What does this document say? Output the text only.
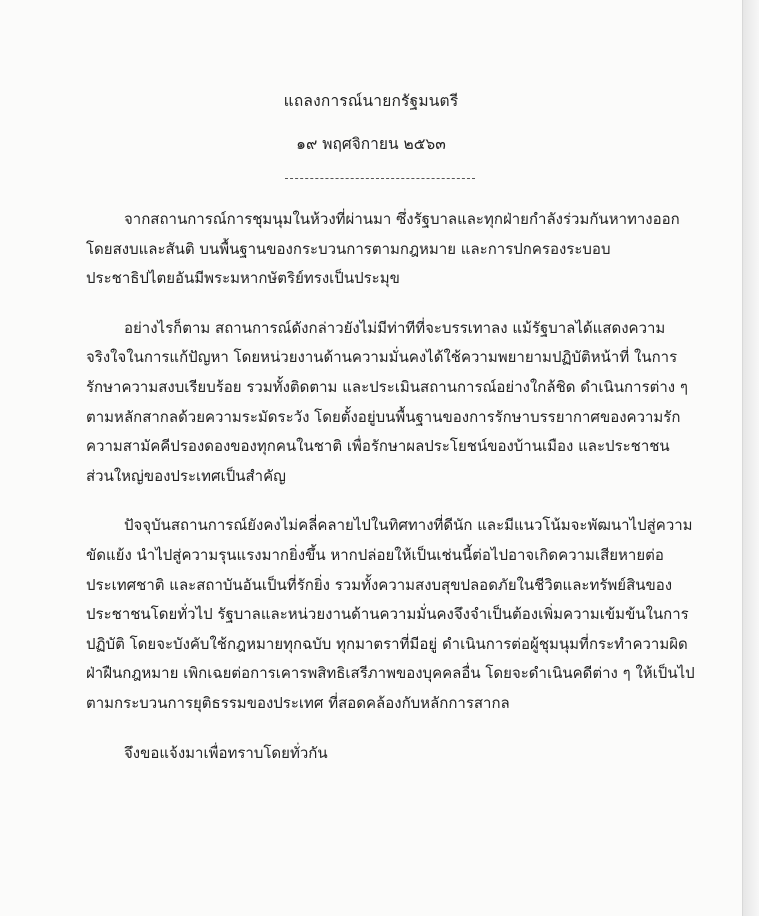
แถลงการณ์นายกรัฐมนตรี
๑๙ พฤศจิกายน ๒๕๖๓

จากสถานการณ์การชุมนุมในห้วงที่ผ่านมา ซึ่งรัฐบาลและทุกฝ่ายกำลังร่วมกันหาทางออกโดยสงบและสันติ บนพื้นฐานของกระบวนการตามกฎหมาย และการปกครองระบอบประชาธิปไตยอันมีพระมหากษัตริย์ทรงเป็นประมุข

อย่างไรก็ตาม สถานการณ์ดังกล่าวยังไม่มีท่าทีที่จะบรรเทาลง แม้รัฐบาลได้แสดงความจริงใจในการแก้ปัญหา โดยหน่วยงานด้านความมั่นคงได้ใช้ความพยายามปฏิบัติหน้าที่ ในการรักษาความสงบเรียบร้อย รวมทั้งติดตาม และประเมินสถานการณ์อย่างใกล้ชิด ดำเนินการต่าง ๆ ตามหลักสากลด้วยความระมัดระวัง โดยตั้งอยู่บนพื้นฐานของการรักษาบรรยากาศของความรักความสามัคคีปรองดองของทุกคนในชาติ เพื่อรักษาผลประโยชน์ของบ้านเมือง และประชาชนส่วนใหญ่ของประเทศเป็นสำคัญ

ปัจจุบันสถานการณ์ยังคงไม่คลี่คลายไปในทิศทางที่ดีนัก และมีแนวโน้มจะพัฒนาไปสู่ความขัดแย้ง นำไปสู่ความรุนแรงมากยิ่งขึ้น หากปล่อยให้เป็นเช่นนี้ต่อไปอาจเกิดความเสียหายต่อประเทศชาติ และสถาบันอันเป็นที่รักยิ่ง รวมทั้งความสงบสุขปลอดภัยในชีวิตและทรัพย์สินของประชาชนโดยทั่วไป รัฐบาลและหน่วยงานด้านความมั่นคงจึงจำเป็นต้องเพิ่มความเข้มข้นในการปฏิบัติ โดยจะบังคับใช้กฎหมายทุกฉบับ ทุกมาตราที่มีอยู่ ดำเนินการต่อผู้ชุมนุมที่กระทำความผิด ฝ่าฝืนกฎหมาย เพิกเฉยต่อการเคารพสิทธิเสรีภาพของบุคคลอื่น โดยจะดำเนินคดีต่าง ๆ ให้เป็นไปตามกระบวนการยุติธรรมของประเทศ ที่สอดคล้องกับหลักการสากล

จึงขอแจ้งมาเพื่อทราบโดยทั่วกัน
